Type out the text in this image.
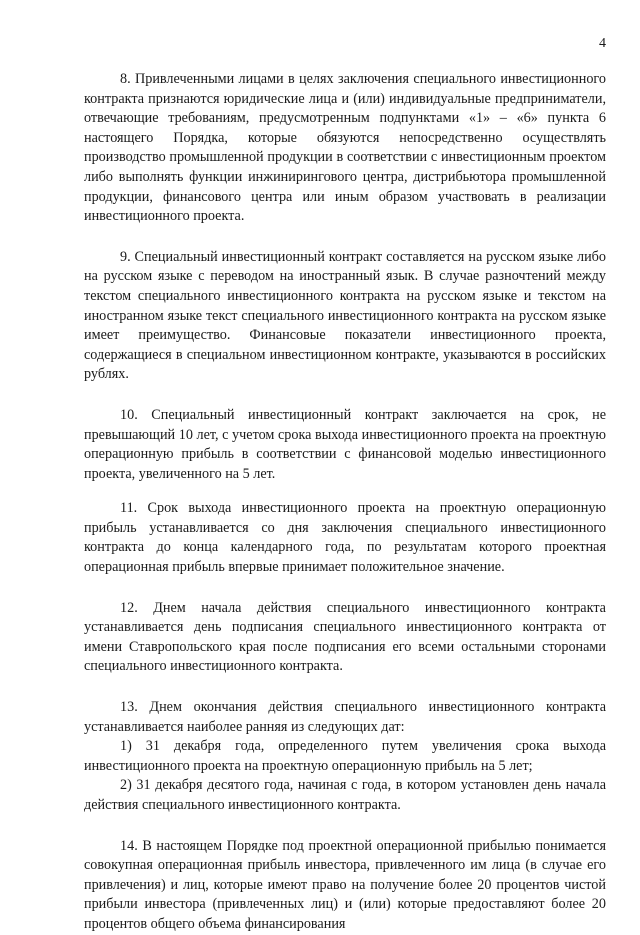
4

8. Привлеченными лицами в целях заключения специального инвестиционного контракта признаются юридические лица и (или) индивидуальные предприниматели, отвечающие требованиям, предусмотренным подпунктами «1» – «6» пункта 6 настоящего Порядка, которые обязуются непосредственно осуществлять производство промышленной продукции в соответствии с инвестиционным проектом либо выполнять функции инжинирингового центра, дистрибьютора промышленной продукции, финансового центра или иным образом участвовать в реализации инвестиционного проекта.

9. Специальный инвестиционный контракт составляется на русском языке либо на русском языке с переводом на иностранный язык. В случае разночтений между текстом специального инвестиционного контракта на русском языке и текстом на иностранном языке текст специального инвестиционного контракта на русском языке имеет преимущество. Финансовые показатели инвестиционного проекта, содержащиеся в специальном инвестиционном контракте, указываются в российских рублях.

10. Специальный инвестиционный контракт заключается на срок, не превышающий 10 лет, с учетом срока выхода инвестиционного проекта на проектную операционную прибыль в соответствии с финансовой моделью инвестиционного проекта, увеличенного на 5 лет.

11. Срок выхода инвестиционного проекта на проектную операционную прибыль устанавливается со дня заключения специального инвестиционного контракта до конца календарного года, по результатам которого проектная операционная прибыль впервые принимает положительное значение.

12. Днем начала действия специального инвестиционного контракта устанавливается день подписания специального инвестиционного контракта от имени Ставропольского края после подписания его всеми остальными сторонами специального инвестиционного контракта.

13. Днем окончания действия специального инвестиционного контракта устанавливается наиболее ранняя из следующих дат:

1) 31 декабря года, определенного путем увеличения срока выхода инвестиционного проекта на проектную операционную прибыль на 5 лет;

2) 31 декабря десятого года, начиная с года, в котором установлен день начала действия специального инвестиционного контракта.

14. В настоящем Порядке под проектной операционной прибылью понимается совокупная операционная прибыль инвестора, привлеченного им лица (в случае его привлечения) и лиц, которые имеют право на получение более 20 процентов чистой прибыли инвестора (привлеченных лиц) и (или) которые предоставляют более 20 процентов общего объема финансирования
